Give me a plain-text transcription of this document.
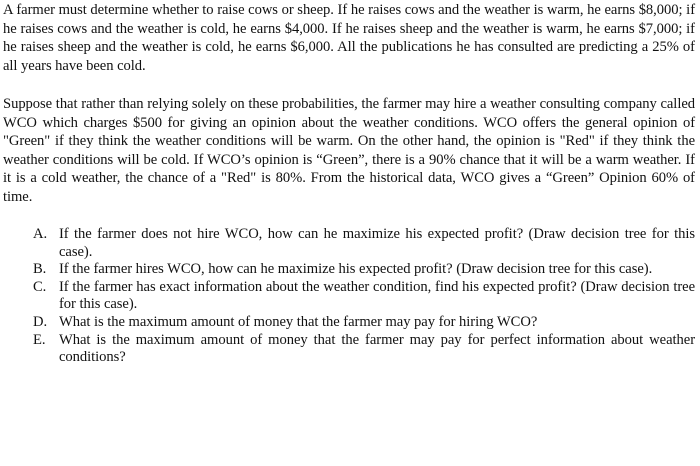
A farmer must determine whether to raise cows or sheep. If he raises cows and the weather is warm, he earns $8,000; if he raises cows and the weather is cold, he earns $4,000. If he raises sheep and the weather is warm, he earns $7,000; if he raises sheep and the weather is cold, he earns $6,000. All the publications he has consulted are predicting a 25% of all years have been cold.

Suppose that rather than relying solely on these probabilities, the farmer may hire a weather consulting company called WCO which charges $500 for giving an opinion about the weather conditions. WCO offers the general opinion of "Green" if they think the weather conditions will be warm. On the other hand, the opinion is "Red" if they think the weather conditions will be cold. If WCO’s opinion is “Green”, there is a 90% chance that it will be a warm weather. If it is a cold weather, the chance of a "Red" is 80%. From the historical data, WCO gives a “Green” Opinion 60% of time.

A. If the farmer does not hire WCO, how can he maximize his expected profit? (Draw decision tree for this case).
B. If the farmer hires WCO, how can he maximize his expected profit? (Draw decision tree for this case).
C. If the farmer has exact information about the weather condition, find his expected profit? (Draw decision tree for this case).
D. What is the maximum amount of money that the farmer may pay for hiring WCO?
E. What is the maximum amount of money that the farmer may pay for perfect information about weather conditions?
